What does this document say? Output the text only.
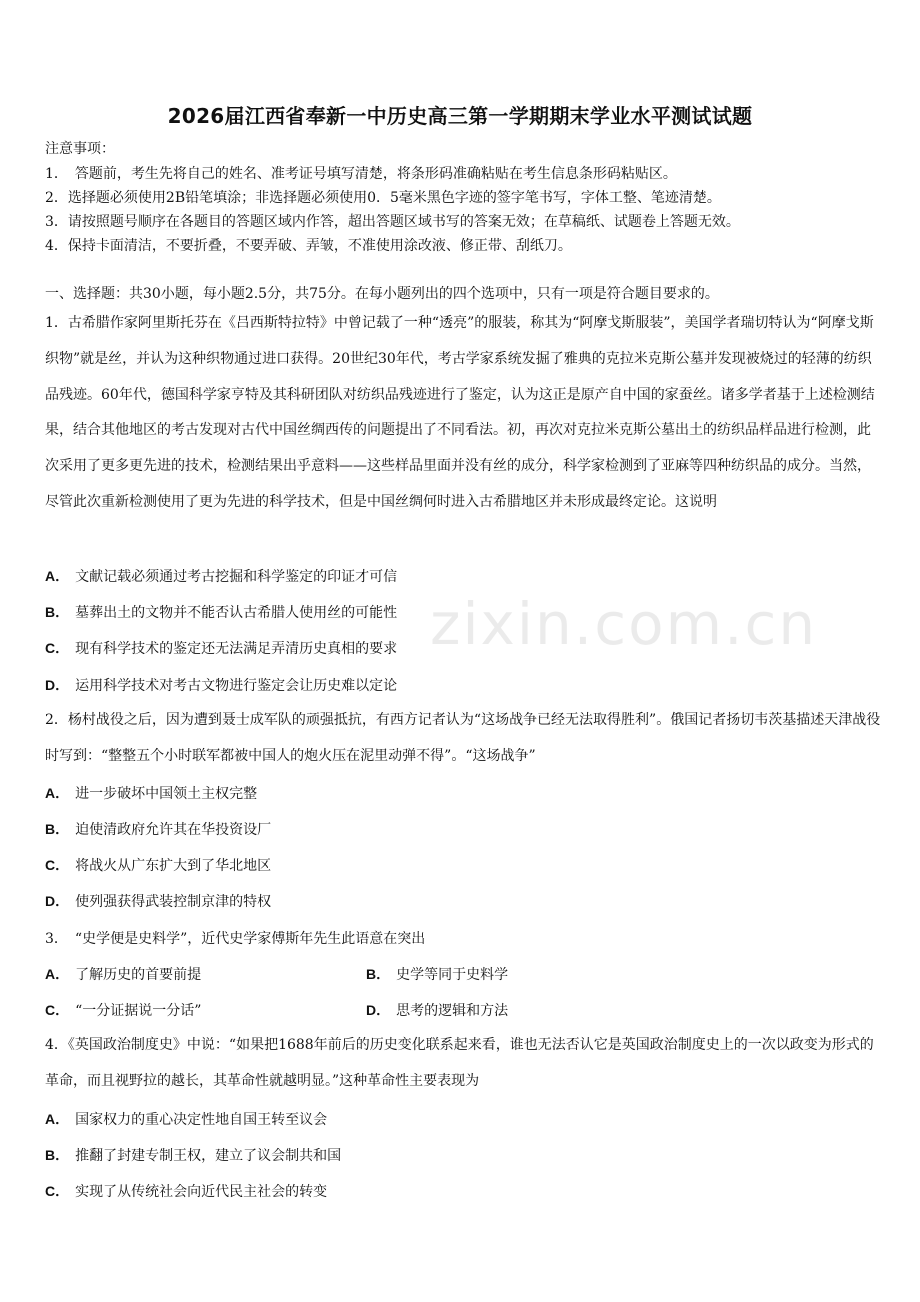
zixin.com.cn
2026届江西省奉新一中历史高三第一学期期末学业水平测试试题
注意事项：
1．　答题前，考生先将自己的姓名、准考证号填写清楚，将条形码准确粘贴在考生信息条形码粘贴区。
2．选择题必须使用2B铅笔填涂；非选择题必须使用0．5毫米黑色字迹的签字笔书写，字体工整、笔迹清楚。
3．请按照题号顺序在各题目的答题区域内作答，超出答题区域书写的答案无效；在草稿纸、试题卷上答题无效。
4．保持卡面清洁，不要折叠，不要弄破、弄皱，不准使用涂改液、修正带、刮纸刀。
一、选择题：共30小题，每小题2.5分，共75分。在每小题列出的四个选项中，只有一项是符合题目要求的。
1．古希腊作家阿里斯托芬在《吕西斯特拉特》中曾记载了一种“透亮”的服装，称其为“阿摩戈斯服装”，美国学者瑞切特认为“阿摩戈斯织物”就是丝，并认为这种织物通过进口获得。20世纪30年代，考古学家系统发掘了雅典的克拉米克斯公墓并发现被烧过的轻薄的纺织品残迹。60年代，德国科学家亨特及其科研团队对纺织品残迹进行了鉴定，认为这正是原产自中国的家蚕丝。诸多学者基于上述检测结果，结合其他地区的考古发现对古代中国丝绸西传的问题提出了不同看法。初，再次对克拉米克斯公墓出土的纺织品样品进行检测，此次采用了更多更先进的技术，检测结果出乎意料——这些样品里面并没有丝的成分，科学家检测到了亚麻等四种纺织品的成分。当然，尽管此次重新检测使用了更为先进的科学技术，但是中国丝绸何时进入古希腊地区并未形成最终定论。这说明
A． 文献记载必须通过考古挖掘和科学鉴定的印证才可信
B． 墓葬出土的文物并不能否认古希腊人使用丝的可能性
C． 现有科学技术的鉴定还无法满足弄清历史真相的要求
D． 运用科学技术对考古文物进行鉴定会让历史难以定论
2．杨村战役之后，因为遭到聂士成军队的顽强抵抗，有西方记者认为“这场战争已经无法取得胜利”。俄国记者扬切韦茨基描述天津战役时写到：“整整五个小时联军都被中国人的炮火压在泥里动弹不得”。“这场战争”
A． 进一步破坏中国领土主权完整
B． 迫使清政府允许其在华投资设厂
C． 将战火从广东扩大到了华北地区
D． 使列强获得武装控制京津的特权
3．　“史学便是史料学”，近代史学家傅斯年先生此语意在突出
A． 了解历史的首要前提	B． 史学等同于史料学
C． “一分证据说一分话”	D． 思考的逻辑和方法
4．《英国政治制度史》中说：“如果把1688年前后的历史变化联系起来看，谁也无法否认它是英国政治制度史上的一次以政变为形式的革命，而且视野拉的越长，其革命性就越明显。”这种革命性主要表现为
A． 国家权力的重心决定性地自国王转至议会
B． 推翻了封建专制王权，建立了议会制共和国
C． 实现了从传统社会向近代民主社会的转变
